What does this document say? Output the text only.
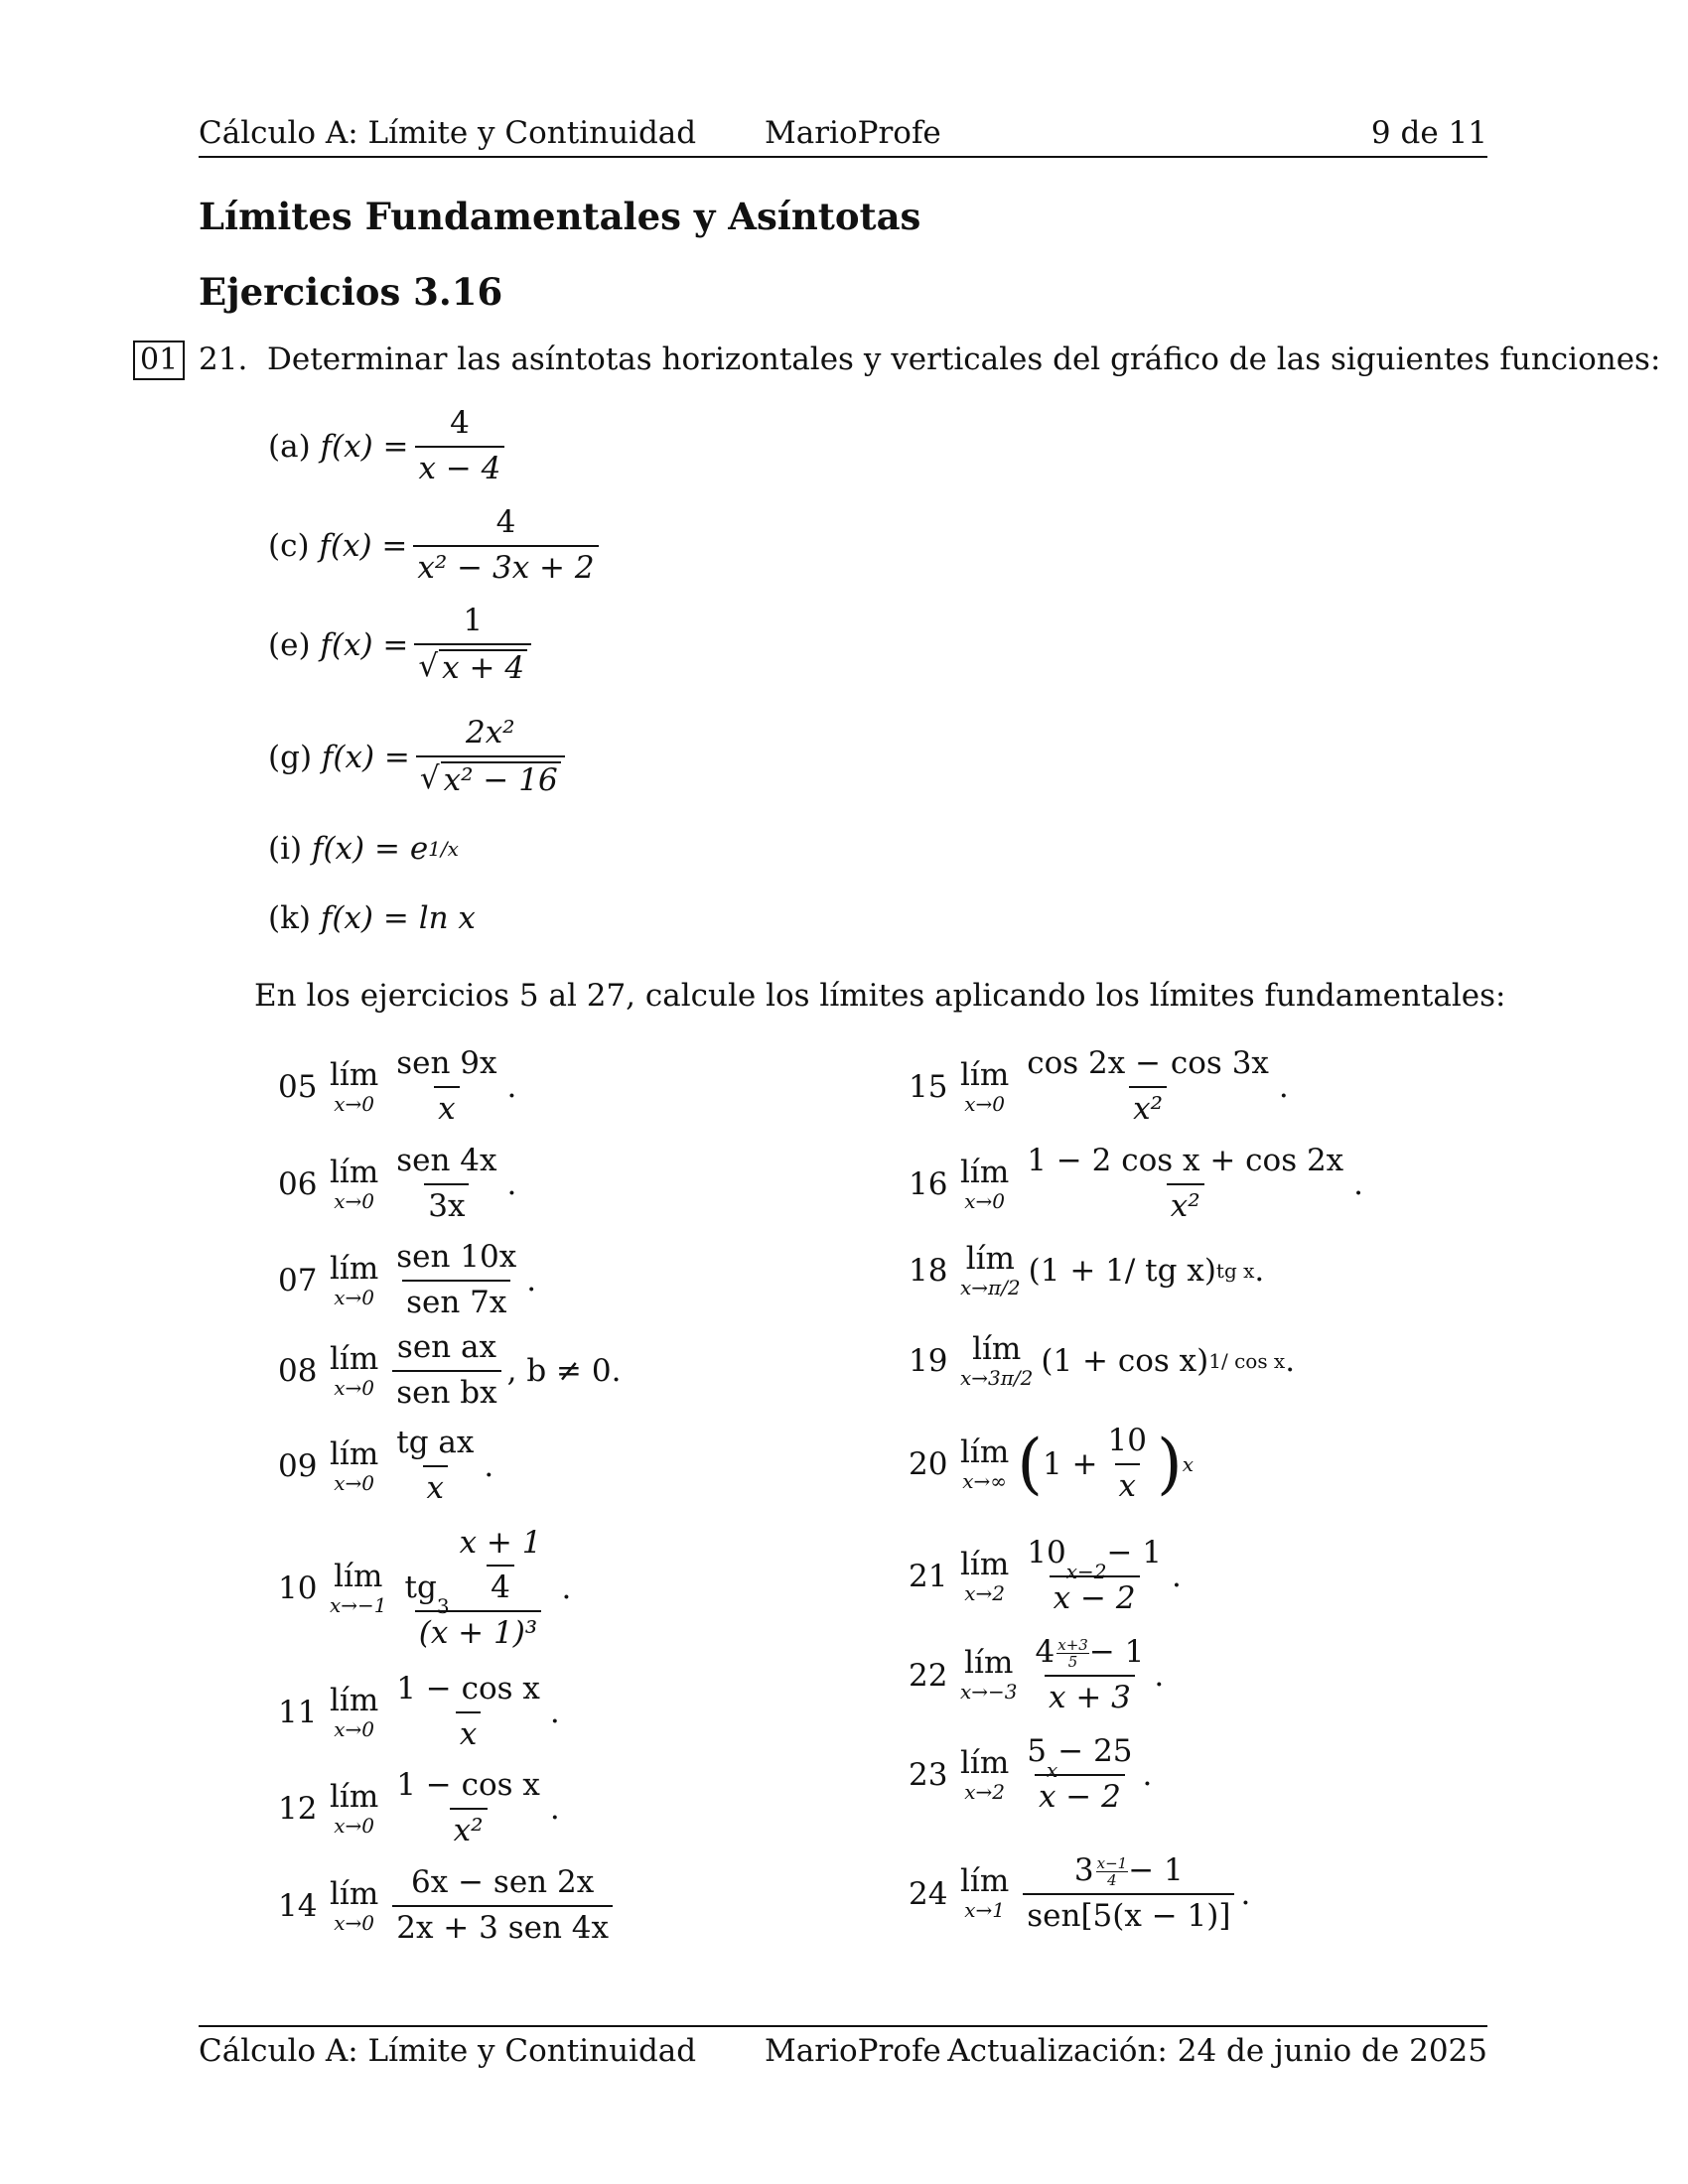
Cálculo A: Límite y Continuidad MarioProfe	9 de 11
Límites Fundamentales y Asíntotas
Ejercicios 3.16
01 21. Determinar las asíntotas horizontales y verticales del gráfico de las siguientes funciones:
(a)
$f(x) = \frac{4}{x - 4}$
(c)
$f(x) = \frac{4}{\text{x² − 3x + 2}}$
(e)
$f(x) = \frac{1}{√ x + 4}$
(g)
$f(x) = \frac{\text{2x²}}{\text{√ x² − 16}}$
(i)
f(x) =
e 1/x
(k)
f(x) =
ln x
En los ejercicios 5 al 27, calcule los límites aplicando los límites fundamentales:
05 lím
$x\to 0 \frac{\text{sen 9x}}{x}$ .
06 lím
$x\to 0 \frac{\text{sen 4x}}{3x}$ .
07 lím
$x\to 0 \frac{\text{sen 10x}}{\text{sen 7x}}$ .
08 lím
$x\to 0 \frac{\text{sen ax}}{\text{sen bx}}$ , b ≠ 0.
09 lím
$x\to 0 \frac{\text{tg ax}}{x}$ .
10 lím
x→−1 tg
$3 \frac{x + 1}{4}$
(x + 1)³ .
11 lím
$x\to 0 \frac{\text{1 − cos x}}{x}$ .
12 lím
$x\to 0 \frac{\text{1 − cos x}}{\text{x²}}$ .
14 lím
$x\to 0 \frac{\text{6x − sen 2x}}{\text{2x + 3 sen 4x}}$
15 lím
$x\to 0 \frac{\cos 2x - \cos 3x}{\text{x²}}$ .
16 lím
$x\to 0 \frac{\text{1 − 2 cos x + cos 2x}}{\text{x²}}$ .
18 lím
x→π/2 (1 + 1/ tg x) tg x .
19 lím
x→3π/2 (1 + cos x) 1/ cos x .
20 lím
x→∞ ( $1 + \frac{10}{x}$ ) x
21 lím
x→2 10
x−2
− 1
x − 2 .
22 lím
$x\to-3 \frac{4 \frac{x+3}{5} - 1}{x + 3}$ .
23 lím
x→2 5
x
− 25
x − 2 .
24 lím
$x\to 1 \frac{3 \frac{x-1}{4} - 1}{\text{sen[5(x − 1)]}}$ .
Cálculo A: Límite y Continuidad MarioProfe Actualización: 24 de junio de 2025
